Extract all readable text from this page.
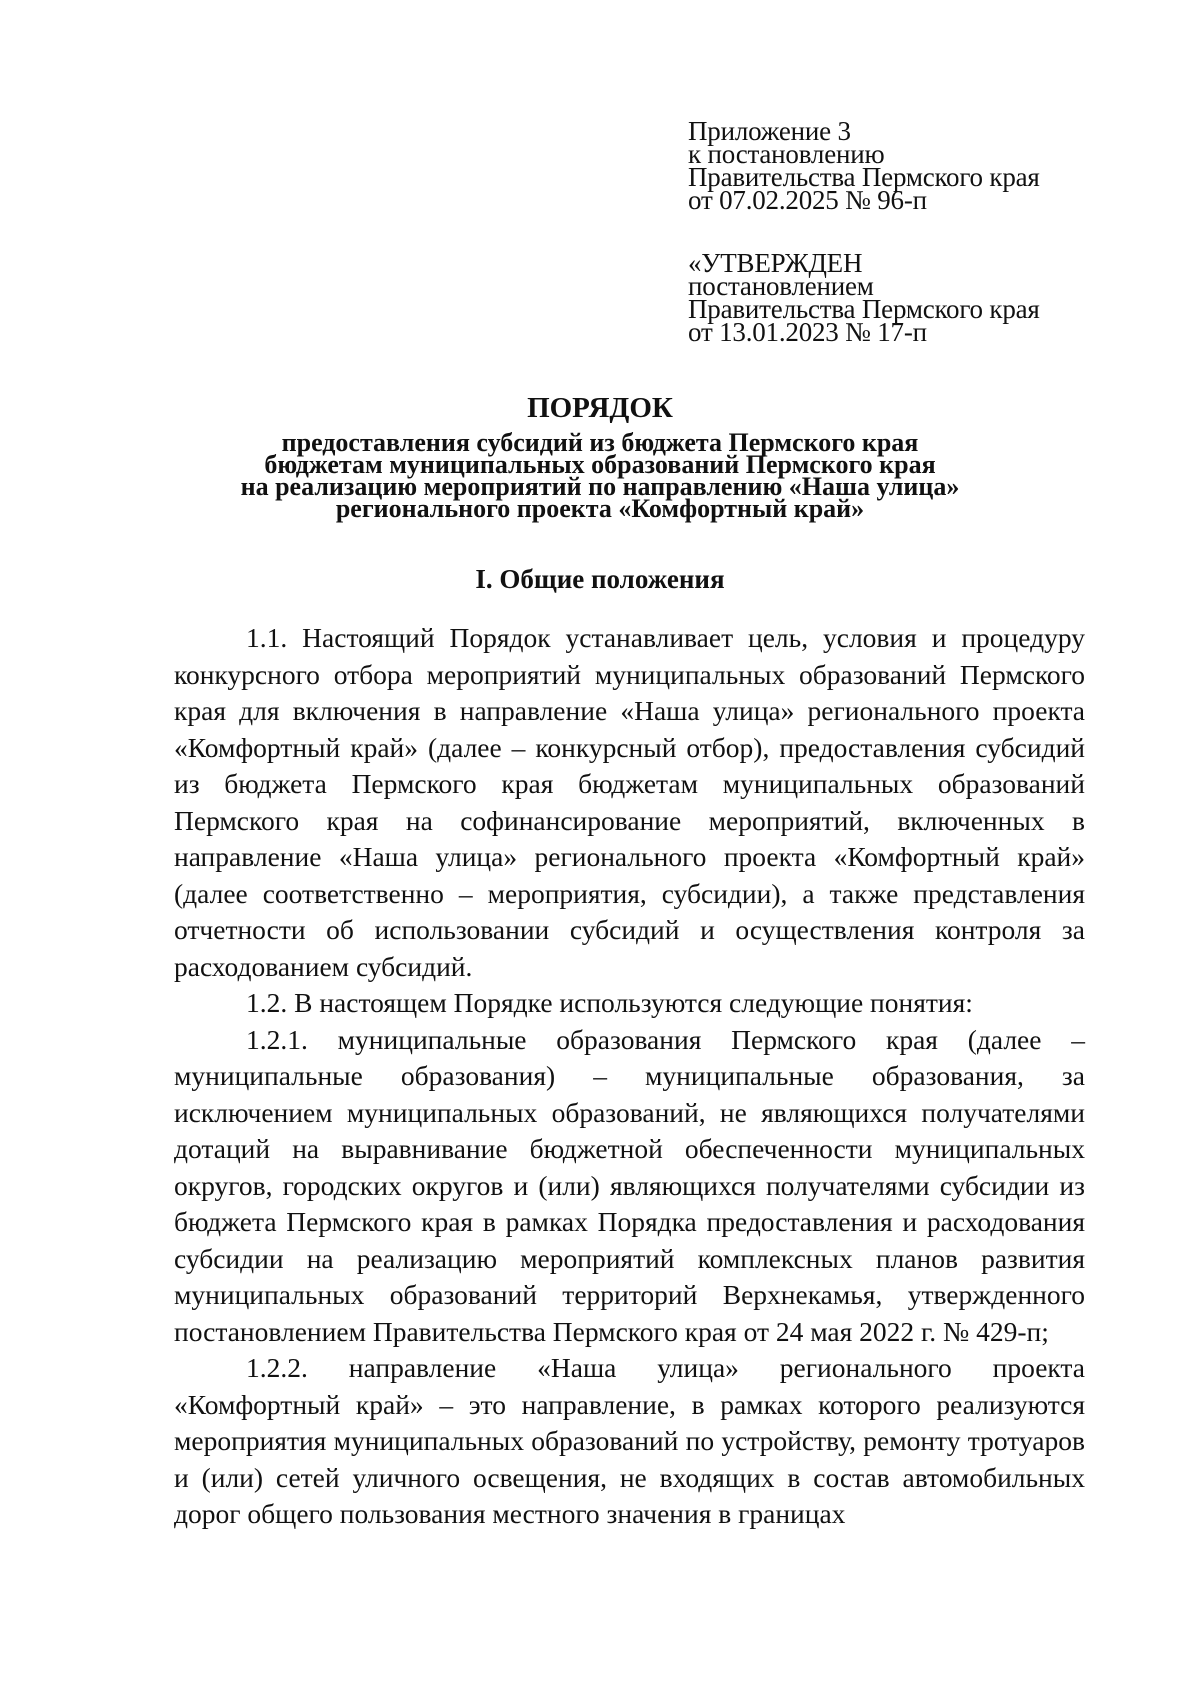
Приложение 3
к постановлению
Правительства Пермского края
от 07.02.2025 № 96-п
«УТВЕРЖДЕН
постановлением
Правительства Пермского края
от 13.01.2023 № 17-п
ПОРЯДОК
предоставления субсидий из бюджета Пермского края
бюджетам муниципальных образований Пермского края
на реализацию мероприятий по направлению «Наша улица»
регионального проекта «Комфортный край»
I. Общие положения

1.1. Настоящий Порядок устанавливает цель, условия и процедуру конкурсного отбора мероприятий муниципальных образований Пермского края для включения в направление «Наша улица» регионального проекта «Комфортный край» (далее – конкурсный отбор), предоставления субсидий из бюджета Пермского края бюджетам муниципальных образований Пермского края на софинансирование мероприятий, включенных в направление «Наша улица» регионального проекта «Комфортный край» (далее соответственно – мероприятия, субсидии), а также представления отчетности об использовании субсидий и осуществления контроля за расходованием субсидий.

1.2. В настоящем Порядке используются следующие понятия:

1.2.1. муниципальные образования Пермского края (далее – муниципальные образования) – муниципальные образования, за исключением муниципальных образований, не являющихся получателями дотаций на выравнивание бюджетной обеспеченности муниципальных округов, городских округов и (или) являющихся получателями субсидии из бюджета Пермского края в рамках Порядка предоставления и расходования субсидии на реализацию мероприятий комплексных планов развития муниципальных образований территорий Верхнекамья, утвержденного постановлением Правительства Пермского края от 24 мая 2022 г. № 429-п;

1.2.2. направление «Наша улица» регионального проекта «Комфортный край» – это направление, в рамках которого реализуются мероприятия муниципальных образований по устройству, ремонту тротуаров и (или) сетей уличного освещения, не входящих в состав автомобильных дорог общего пользования местного значения в границах
